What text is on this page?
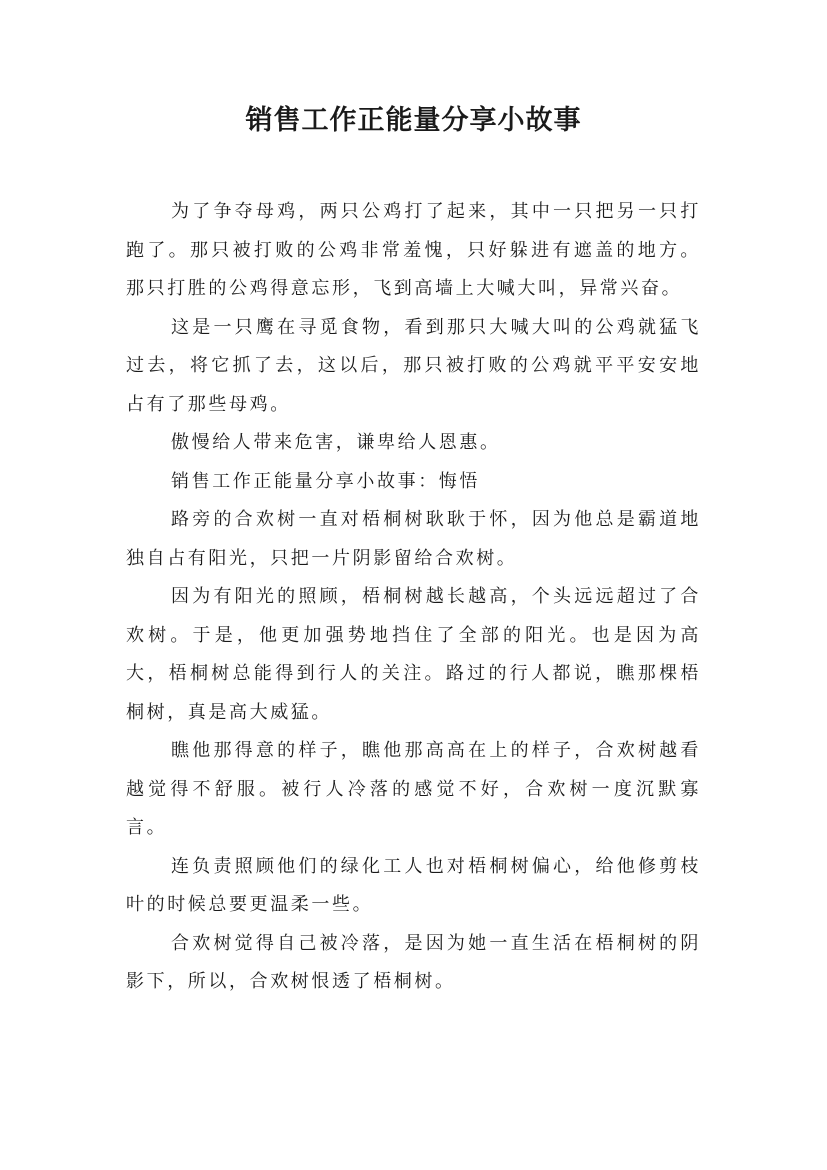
销售工作正能量分享小故事

为了争夺母鸡，两只公鸡打了起来，其中一只把另一只打跑了。那只被打败的公鸡非常羞愧，只好躲进有遮盖的地方。那只打胜的公鸡得意忘形，飞到高墙上大喊大叫，异常兴奋。

这是一只鹰在寻觅食物，看到那只大喊大叫的公鸡就猛飞过去，将它抓了去，这以后，那只被打败的公鸡就平平安安地占有了那些母鸡。

傲慢给人带来危害，谦卑给人恩惠。

销售工作正能量分享小故事：悔悟

路旁的合欢树一直对梧桐树耿耿于怀，因为他总是霸道地独自占有阳光，只把一片阴影留给合欢树。

因为有阳光的照顾，梧桐树越长越高，个头远远超过了合欢树。于是，他更加强势地挡住了全部的阳光。也是因为高大，梧桐树总能得到行人的关注。路过的行人都说，瞧那棵梧桐树，真是高大威猛。

瞧他那得意的样子，瞧他那高高在上的样子，合欢树越看越觉得不舒服。被行人冷落的感觉不好，合欢树一度沉默寡言。

连负责照顾他们的绿化工人也对梧桐树偏心，给他修剪枝叶的时候总要更温柔一些。

合欢树觉得自己被冷落，是因为她一直生活在梧桐树的阴影下，所以，合欢树恨透了梧桐树。
